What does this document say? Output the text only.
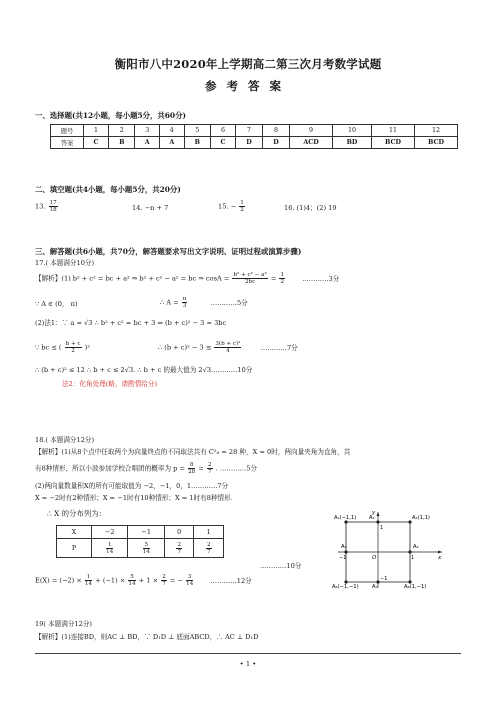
衡阳市八中2020年上学期高二第三次月考数学试题
参考答案
一、选择题(共12小题，每小题5分，共60分)
题号	1	2	3	4	5	6	7	8	9	10	11	12
答案	C	B	A	A	B	C	D	D	ACD	BD	BCD	BCD
二、填空题(共4小题，每小题5分，共20分)
13. $\frac{17}{18}$	14. −n + 7	15. − $\frac{1}{2}$	16. (1)4；(2) 19
三、解答题(共6小题，共70分，解答题要求写出文字说明、证明过程或演算步骤)
17.( 本题满分10分)
【解析】(1) b² + c² = bc + a² ⇒ b² + c² − a² = bc ⇒ $\cos A = \frac{\text{b² + c² − a²}}{2bc} = \frac{1}{2}$	…………3分
∵ A ∈ (0， π)	∴ $A = \frac{\pi}{3}$	…………5分
(2)法1：∵ a = √3 ∴ b² + c² = bc + 3 ⇒ (b + c)² − 3 = 3bc
∵ bc ≤ ( $\frac{b + c}{2} )^2$	∴ $(b + c)^2 - 3 \le \frac{\text{3(b + c)²}}{4}$	…………7分
∴ (b + c)² ≤ 12 ∴ b + c ≤ 2√3. ∴ b + c 的最大值为 2√3…………10分
法2：化角处理(略，请酌情给分)
18.( 本题满分12分)
【解析】(1)从8个点中任取两个为向量终点的不同取法共有 C²₈ = 28 种，X = 0时，两向量夹角为直角，共
有8种情形，所以小波参加学校合唱团的概率为 $p = \frac{8}{28} = \frac{2}{7}$ . …………5分
(2)两向量数量积X的所有可能取值为 −2，−1，0，1…………7分
X = −2时有2种情形；X = −1时有10种情形；X = 1时有8种情形.
∴ X 的分布列为：
X	−2	−1	0	1
P	$\frac{1}{14}$	$\frac{5}{14}$	$\frac{2}{7}$	$\frac{2}{7}$
…………10分
$E(X) = (-2) \times \frac{1}{14} + (-1) \times \frac{5}{14} + 1 \times \frac{2}{7}$ = − $\frac{3}{14}$	…………12分
A₁(−1,1) A₂	A₃(1,1)
A₄
A₅
A₆(−1,−1)	A₇	A₈(1,−1)
y
x
O
−1	1
1
−1
19( 本题满分12分)
【解析】(1)连接BD，则AC ⊥ BD，∵ D₁D ⊥ 底面ABCD，∴ AC ⊥ D₁D
• 1 •
